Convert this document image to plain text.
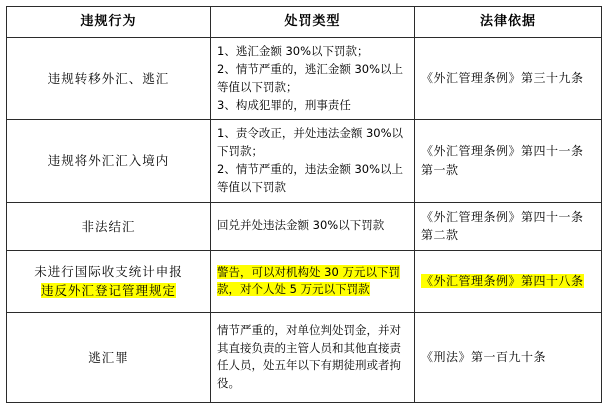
违规行为	处罚类型	法律依据

违规转移外汇、逃汇	1、逃汇金额 30%以下罚款；
2、情节严重的，逃汇金额 30%以上等值以下罚款；
3、构成犯罪的，刑事责任	《外汇管理条例》第三十九条

违规将外汇汇入境内	1、责令改正，并处违法金额 30%以下罚款；
2、情节严重的，违法金额 30%以上等值以下罚款	《外汇管理条例》第四十一条第一款

非法结汇	回兑并处违法金额 30%以下罚款	《外汇管理条例》第四十一条第二款

未进行国际收支统计申报
违反外汇登记管理规定	警告，可以对机构处 30 万元以下罚款，对个人处 5 万元以下罚款	《外汇管理条例》第四十八条

逃汇罪	情节严重的，对单位判处罚金，并对其直接负责的主管人员和其他直接责任人员，处五年以下有期徒刑或者拘役。	《刑法》第一百九十条
